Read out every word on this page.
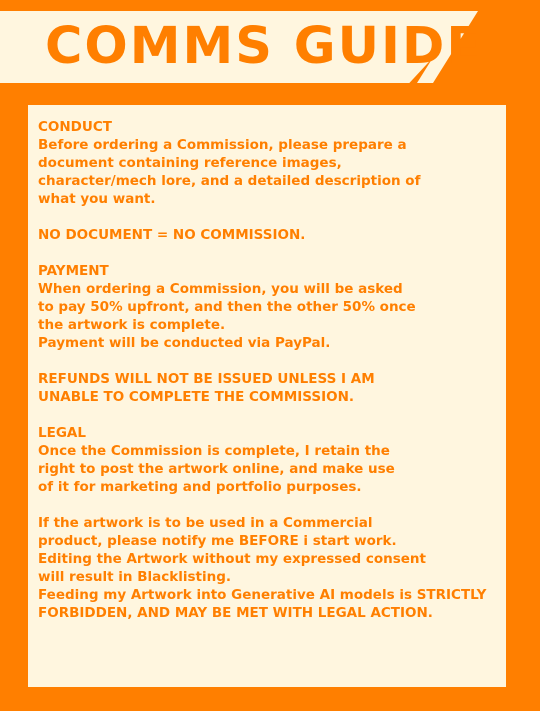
COMMS GUIDE
CONDUCT
Before ordering a Commission, please prepare a
document containing reference images,
character/mech lore, and a detailed description of
what you want.
NO DOCUMENT = NO COMMISSION.
PAYMENT
When ordering a Commission, you will be asked
to pay 50% upfront, and then the other 50% once
the artwork is complete.
Payment will be conducted via PayPal.
REFUNDS WILL NOT BE ISSUED UNLESS I AM
UNABLE TO COMPLETE THE COMMISSION.
LEGAL
Once the Commission is complete, I retain the
right to post the artwork online, and make use
of it for marketing and portfolio purposes.
If the artwork is to be used in a Commercial
product, please notify me BEFORE i start work.
Editing the Artwork without my expressed consent
will result in Blacklisting.
Feeding my Artwork into Generative AI models is STRICTLY
FORBIDDEN, AND MAY BE MET WITH LEGAL ACTION.
